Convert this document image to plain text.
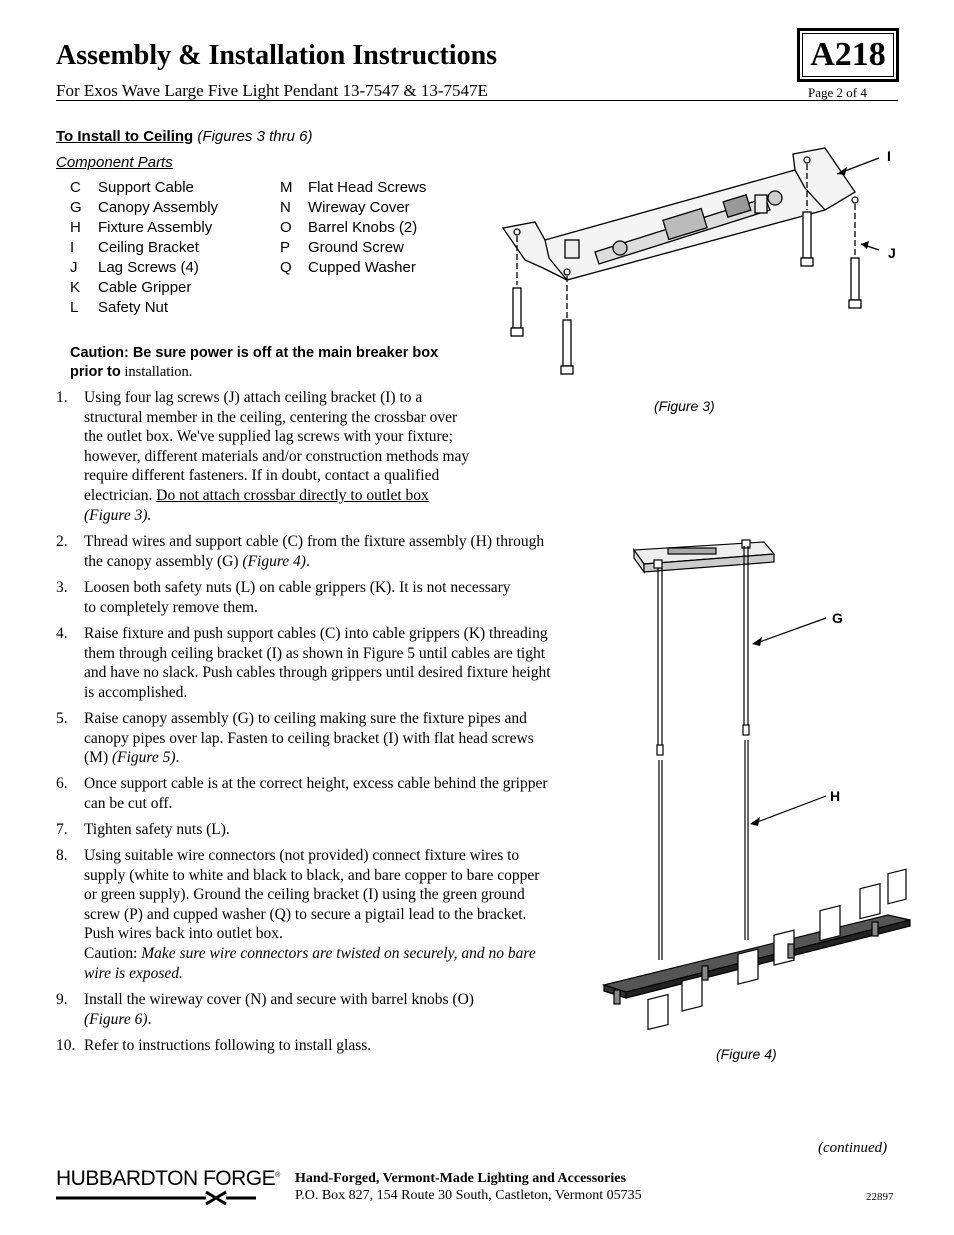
Assembly & Installation Instructions
For Exos Wave Large Five Light Pendant 13-7547 & 13-7547E	Page 2 of 4
A218
To Install to Ceiling (Figures 3 thru 6)
Component Parts
C Support Cable
G Canopy Assembly
H Fixture Assembly
I Ceiling Bracket
J Lag Screws (4)
K Cable Gripper
L Safety Nut
M Flat Head Screws
N Wireway Cover
O Barrel Knobs (2)
P Ground Screw
Q Cupped Washer
Caution: Be sure power is off at the main breaker box prior to installation.
1.	Using four lag screws (J) attach ceiling bracket (I) to a structural member in the ceiling, centering the crossbar over the outlet box. We've supplied lag screws with your fixture; however, different materials and/or construction methods may require different fasteners. If in doubt, contact a qualified electrician. Do not attach crossbar directly to outlet box (Figure 3).
2.	Thread wires and support cable (C) from the fixture assembly (H) through the canopy assembly (G) (Figure 4).
3.	Loosen both safety nuts (L) on cable grippers (K). It is not necessary to completely remove them.
4.	Raise fixture and push support cables (C) into cable grippers (K) threading them through ceiling bracket (I) as shown in Figure 5 until cables are tight and have no slack. Push cables through grippers until desired fixture height is accomplished.
5.	Raise canopy assembly (G) to ceiling making sure the fixture pipes and canopy pipes over lap. Fasten to ceiling bracket (I) with flat head screws (M) (Figure 5).
6.	Once support cable is at the correct height, excess cable behind the gripper can be cut off.
7.	Tighten safety nuts (L).
8.	Using suitable wire connectors (not provided) connect fixture wires to supply (white to white and black to black, and bare copper to bare copper or green supply). Ground the ceiling bracket (I) using the green ground screw (P) and cupped washer (Q) to secure a pigtail lead to the bracket. Push wires back into outlet box.
Caution: Make sure wire connectors are twisted on securely, and no bare wire is exposed.
9.	Install the wireway cover (N) and secure with barrel knobs (O)
(Figure 6).
10. Refer to instructions following to install glass.
I
J
(Figure 3)
G
H
(Figure 4)
(continued)
HUBBARDTON FORGE® Hand-Forged, Vermont-Made Lighting and Accessories
P.O. Box 827, 154 Route 30 South, Castleton, Vermont 05735	22897
